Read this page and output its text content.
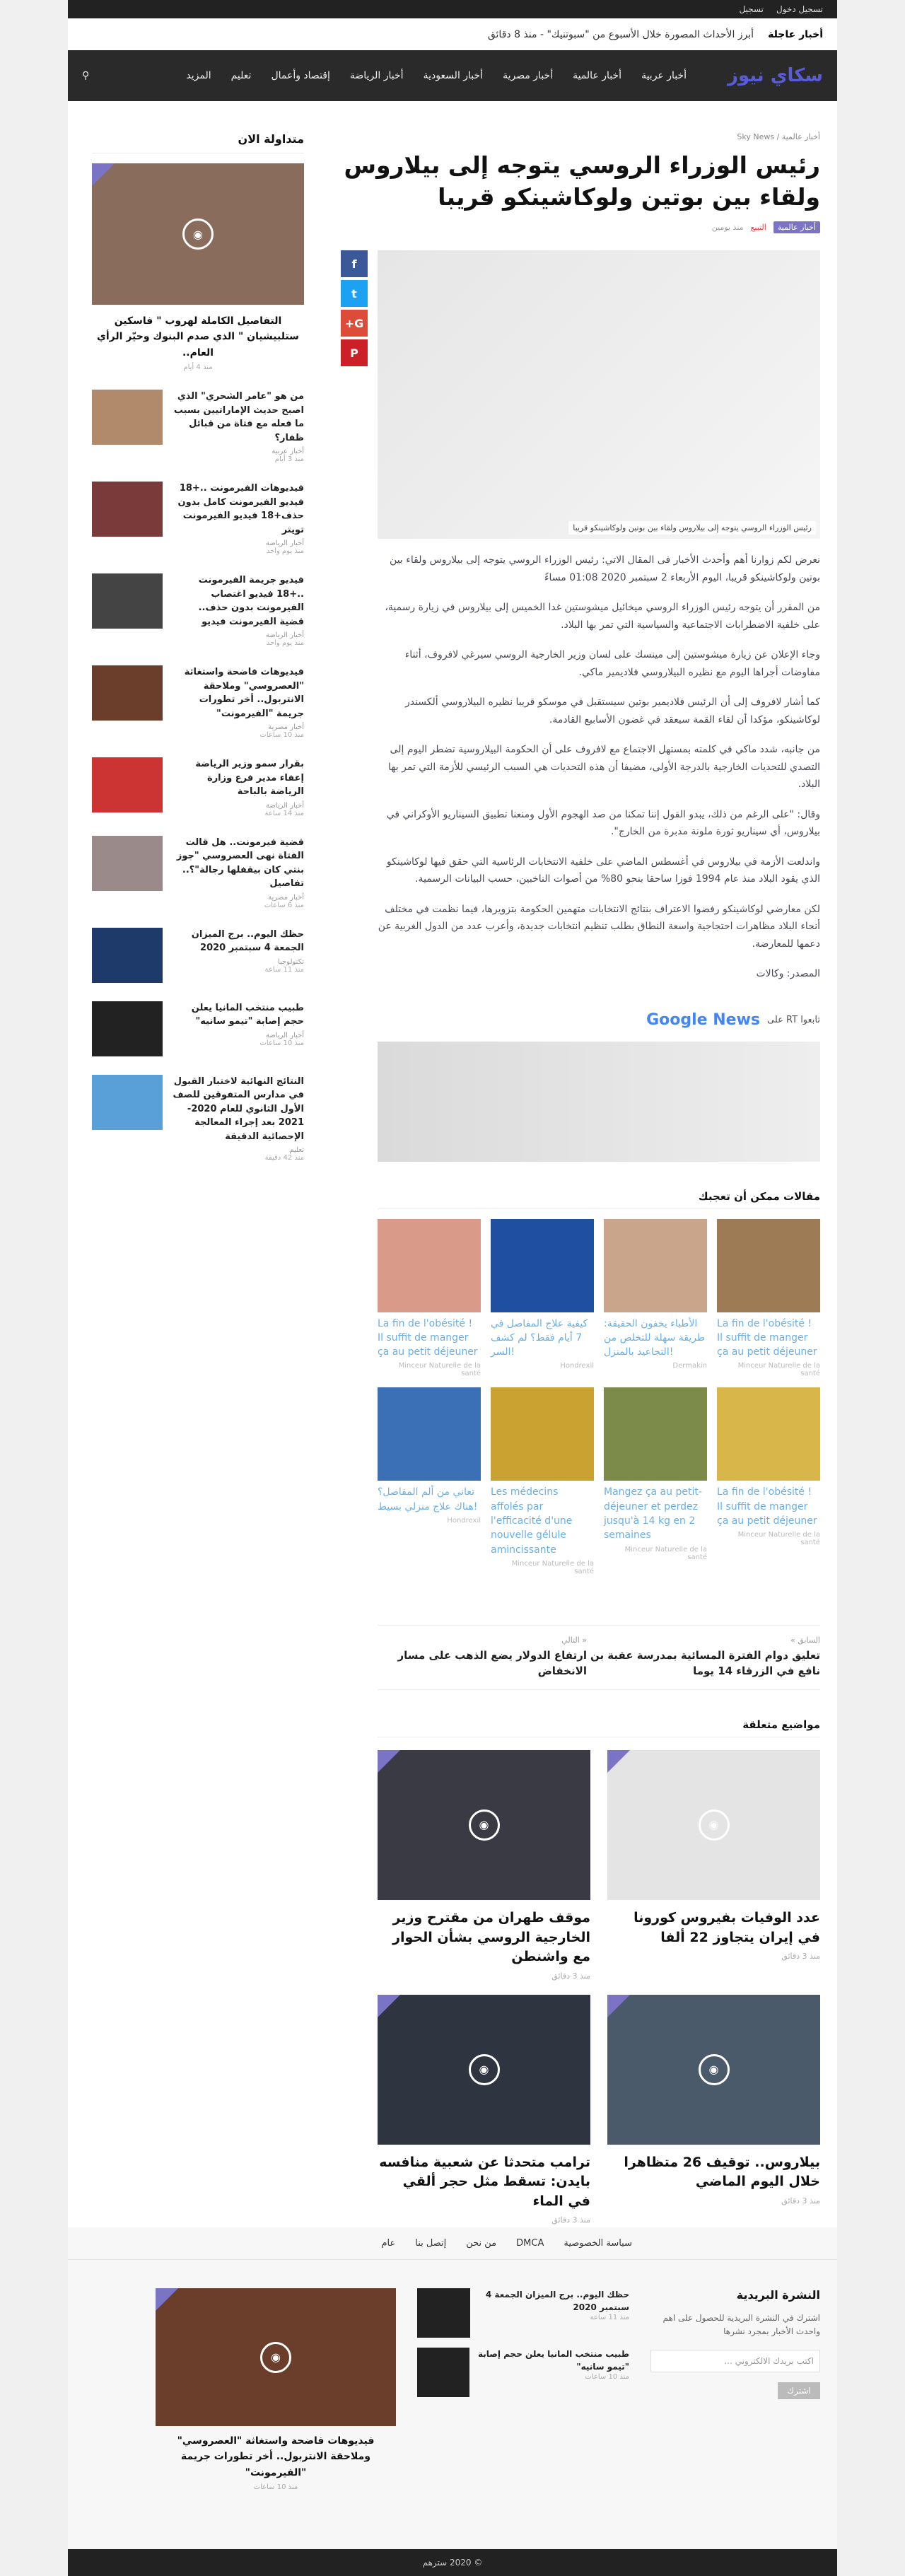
تسجيل دخول
تسجيل
أخبار عاجلة
أبرز الأحداث المصورة خلال الأسبوع من "سبوتنيك" - منذ 8 دقائق
سكاي نيوز
أخبار عربية
أخبار عالمية
أخبار مصرية
أخبار السعودية
أخبار الرياضة
إقتصاد وأعمال
تعليم
المزيد
⚲
أخبار عالمية / Sky News
رئيس الوزراء الروسي يتوجه إلى بيلاروس ولقاء بين بوتين ولوكاشينكو قريبا
أخبار عالمية
التبيع
منذ يومين
رئيس الوزراء الروسي يتوجه إلى بيلاروس ولقاء بين بوتين ولوكاشينكو قريبا

نعرض لكم زوارنا أهم وأحدث الأخبار فى المقال الاتي: رئيس الوزراء الروسي يتوجه إلى بيلاروس ولقاء بين بوتين ولوكاشينكو قريبا، اليوم الأربعاء 2 سبتمبر 2020 01:08 مساءً

من المقرر أن يتوجه رئيس الوزراء الروسي ميخائيل ميشوستين غدا الخميس إلى بيلاروس في زيارة رسمية، على خلفية الاضطرابات الاجتماعية والسياسية التي تمر بها البلاد.

وجاء الإعلان عن زيارة ميشوستين إلى مينسك على لسان وزير الخارجية الروسي سيرغي لافروف، أثناء مفاوضات أجراها اليوم مع نظيره البيلاروسي فلاديمير ماكي.

كما أشار لافروف إلى أن الرئيس فلاديمير بوتين سيستقبل في موسكو قريبا نظيره البيلاروسي ألكسندر لوكاشينكو، مؤكدا أن لقاء القمة سيعقد في غضون الأسابيع القادمة.

من جانبه، شدد ماكي في كلمته بمستهل الاجتماع مع لافروف على أن الحكومة البيلاروسية تضطر اليوم إلى التصدي للتحديات الخارجية بالدرجة الأولى، مضيفا أن هذه التحديات هي السبب الرئيسي للأزمة التي تمر بها البلاد.

وقال: "على الرغم من ذلك، يبدو القول إننا تمكنا من صد الهجوم الأول ومنعنا تطبيق السيناريو الأوكراني في بيلاروس، أي سيناريو ثورة ملونة مدبرة من الخارج".

واندلعت الأزمة في بيلاروس في أغسطس الماضي على خلفية الانتخابات الرئاسية التي حقق فيها لوكاشينكو الذي يقود البلاد منذ عام 1994 فوزا ساحقا بنحو 80% من أصوات الناخبين، حسب البيانات الرسمية.

لكن معارضي لوكاشينكو رفضوا الاعتراف بنتائج الانتخابات متهمين الحكومة بتزويرها، فيما نظمت في مختلف أنحاء البلاد مظاهرات احتجاجية واسعة النطاق بطلب تنظيم انتخابات جديدة، وأعرب عدد من الدول الغربية عن دعمها للمعارضة.

المصدر: وكالات

تابعوا RT على
Google News
مقالات ممكن أن تعجبك
La fin de l'obésité ! Il suffit de manger ça au petit déjeuner
Minceur Naturelle de la santé
الأطباء يخفون الحقيقة: طريقة سهلة للتخلص من التجاعيد بالمنزل!
Dermakin
كيفية علاج المفاصل في 7 أيام فقط؟ لم كشف السر!
Hondrexil
La fin de l'obésité ! Il suffit de manger ça au petit déjeuner
Minceur Naturelle de la santé
La fin de l'obésité ! Il suffit de manger ça au petit déjeuner
Minceur Naturelle de la santé
Mangez ça au petit-déjeuner et perdez jusqu'à 14 kg en 2 semaines
Minceur Naturelle de la santé
Les médecins affolés par l'efficacité d'une nouvelle gélule amincissante
Minceur Naturelle de la santé
تعاني من ألم المفاصل؟ هناك علاج منزلي بسيط!
Hondrexil
السابق »
تعليق دوام الفترة المسائية بمدرسة عقبة بن نافع في الزرقاء 14 يوما
« التالي
ارتفاع الدولار يضع الذهب على مسار الانخفاض
مواضيع متعلقة
◉
عدد الوفيات بفيروس كورونا في إيران يتجاوز 22 ألفا
منذ 3 دقائق
◉
موقف طهران من مقترح وزير الخارجية الروسي بشأن الحوار مع واشنطن
منذ 3 دقائق
◉
بيلاروس.. توقيف 26 متظاهرا خلال اليوم الماضي
منذ 3 دقائق
◉
ترامب متحدثا عن شعبية منافسه بايدن: تسقط مثل حجر ألقي في الماء
منذ 3 دقائق
f
t
G+
P
متداولة الان
◉
التفاصيل الكاملة لهروب " فاسكين ستلبيشيان " الذي صدم البنوك وحيّر الرأي العام..
منذ 4 أيام
من هو "عامر الشحري" الذي اصبح حديث الإماراتيين بسبب ما فعله مع فتاة من قبائل ظفار؟
أخبار عربية
منذ 3 أيام
فيديوهات الفيرمونت ..+18 فيديو الفيرمونت كامل بدون حذف+18 فيديو الفيرمونت تويتر
أخبار الرياضة
منذ يوم واحد
فيديو جريمة الفيرمونت ..+18 فيديو اغتصاب الفيرمونت بدون حذف.. قضية الفيرمونت فيديو
أخبار الرياضة
منذ يوم واحد
فيديوهات فاضحة واستغاثة "العصروسي" وملاحقة الانتربول.. أخر تطورات جريمة "الفيرمونت"
أخبار مصرية
منذ 10 ساعات
بقرار سمو وزير الرياضة إعفاء مدير فرع وزارة الرياضة بالباحة
أخبار الرياضة
منذ 14 ساعة
قضية فيرمونت.. هل قالت الفتاة نهى العصروسي "جوز بنتي كان بيقفلها رجالة"؟.. تفاصيل
أخبار مصرية
منذ 6 ساعات
حظك اليوم.. برج الميزان الجمعة 4 سبتمبر 2020
تكنولوجيا
منذ 11 ساعة
طبيب منتخب المانيا يعلن حجم إصابة "تيمو سانيه"
أخبار الرياضة
منذ 10 ساعات
النتائج النهائية لاختبار القبول في مدارس المتفوقين للصف الأول الثانوي للعام 2020-2021 بعد إجراء المعالجة الإحصائية الدقيقة
تعليم
منذ 42 دقيقة
سياسة الخصوصية
DMCA
من نحن
إتصل بنا
عام
النشرة البريدية

اشترك في النشرة البريدية للحصول على اهم واحدث الأخبار بمجرد نشرها

اكتب بريدك الالكتروني ...
اشترك
حظك اليوم.. برج الميزان الجمعة 4 سبتمبر 2020
منذ 11 ساعة
طبيب منتخب المانيا يعلن حجم إصابة "تيمو سانيه"
منذ 10 ساعات
◉
فيديوهات فاضحة واستغاثة "العصروسي" وملاحقة الانتربول.. أخر تطورات جريمة "الفيرمونت"
منذ 10 ساعات
© 2020 سترهم
